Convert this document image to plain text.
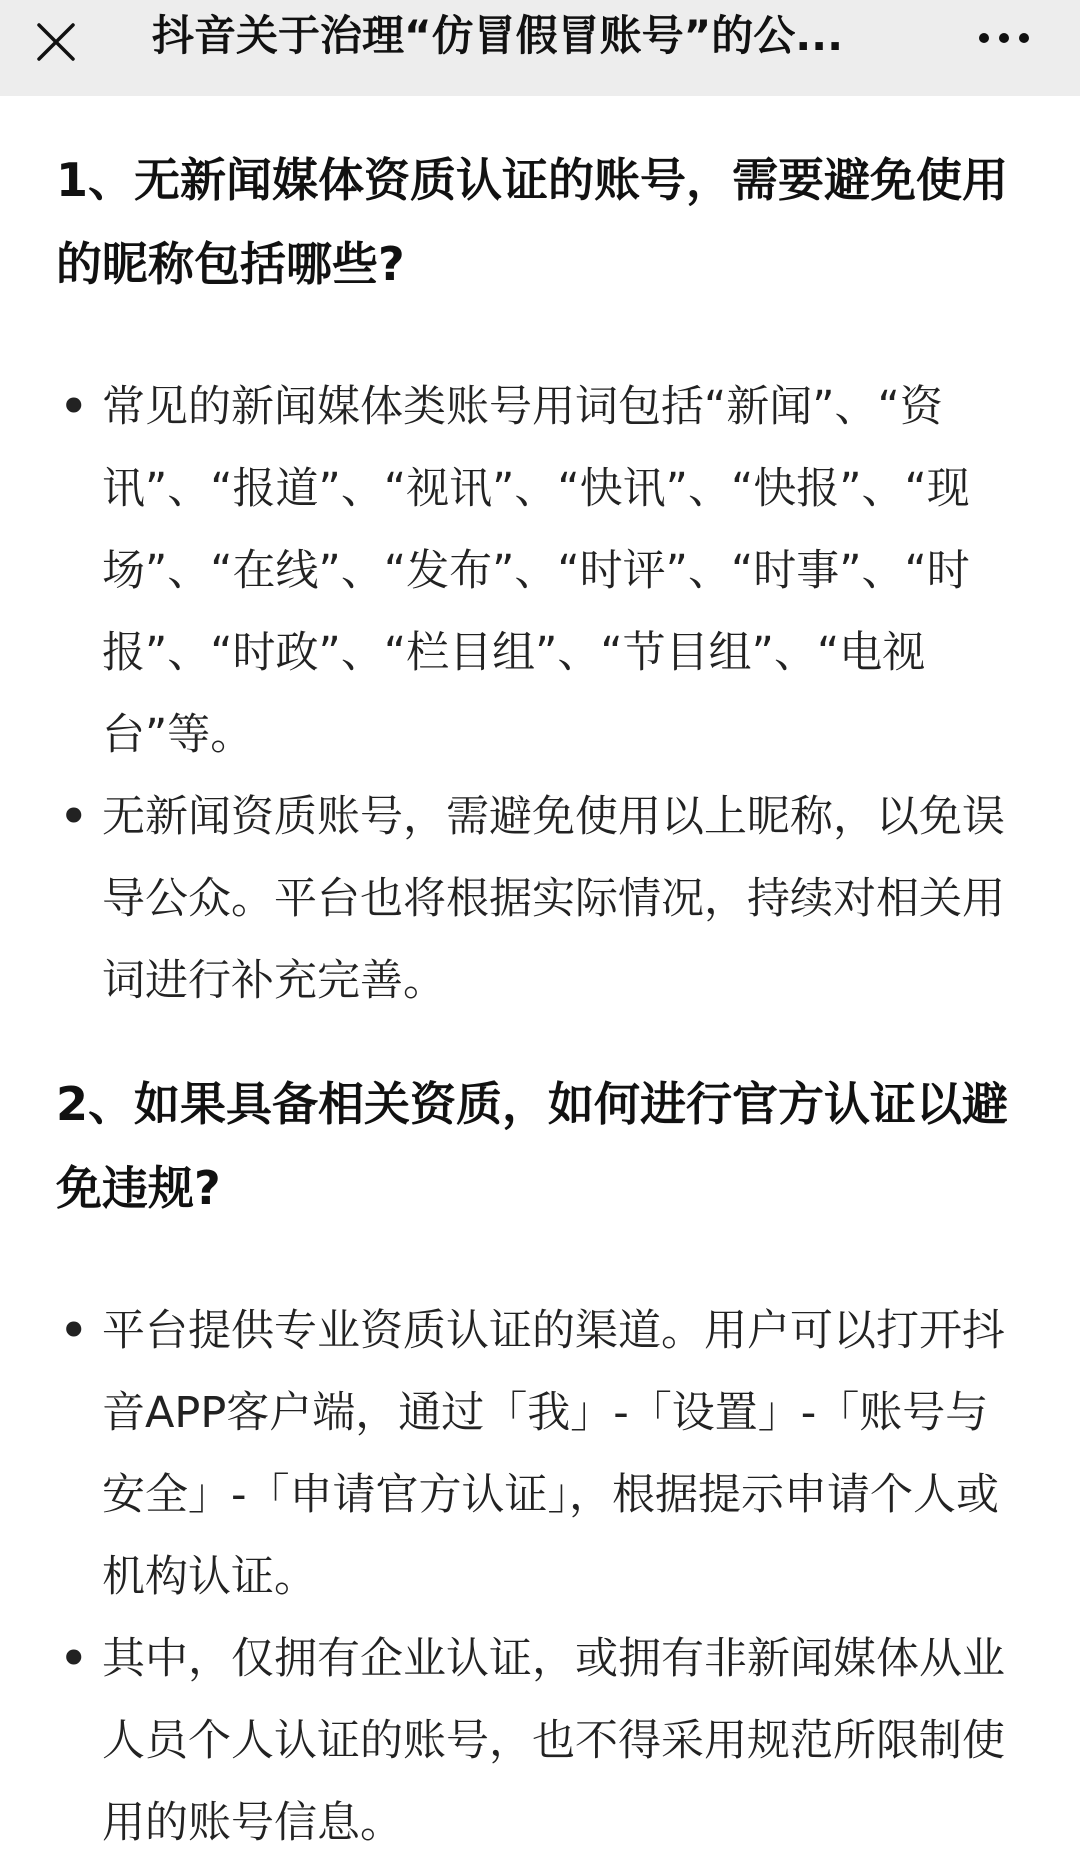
抖音关于治理“仿冒假冒账号”的公...
1、无新闻媒体资质认证的账号，需要避免使用的昵称包括哪些?
• 常见的新闻媒体类账号用词包括“新闻”、“资讯”、“报道”、“视讯”、“快讯”、“快报”、“现场”、“在线”、“发布”、“时评”、“时事”、“时报”、“时政”、“栏目组”、“节目组”、“电视台”等。
• 无新闻资质账号，需避免使用以上昵称，以免误导公众。平台也将根据实际情况，持续对相关用词进行补充完善。
2、如果具备相关资质，如何进行官方认证以避免违规?
• 平台提供专业资质认证的渠道。用户可以打开抖音APP客户端，通过「我」-「设置」-「账号与安全」-「申请官方认证」，根据提示申请个人或机构认证。
• 其中，仅拥有企业认证，或拥有非新闻媒体从业人员个人认证的账号，也不得采用规范所限制使用的账号信息。
